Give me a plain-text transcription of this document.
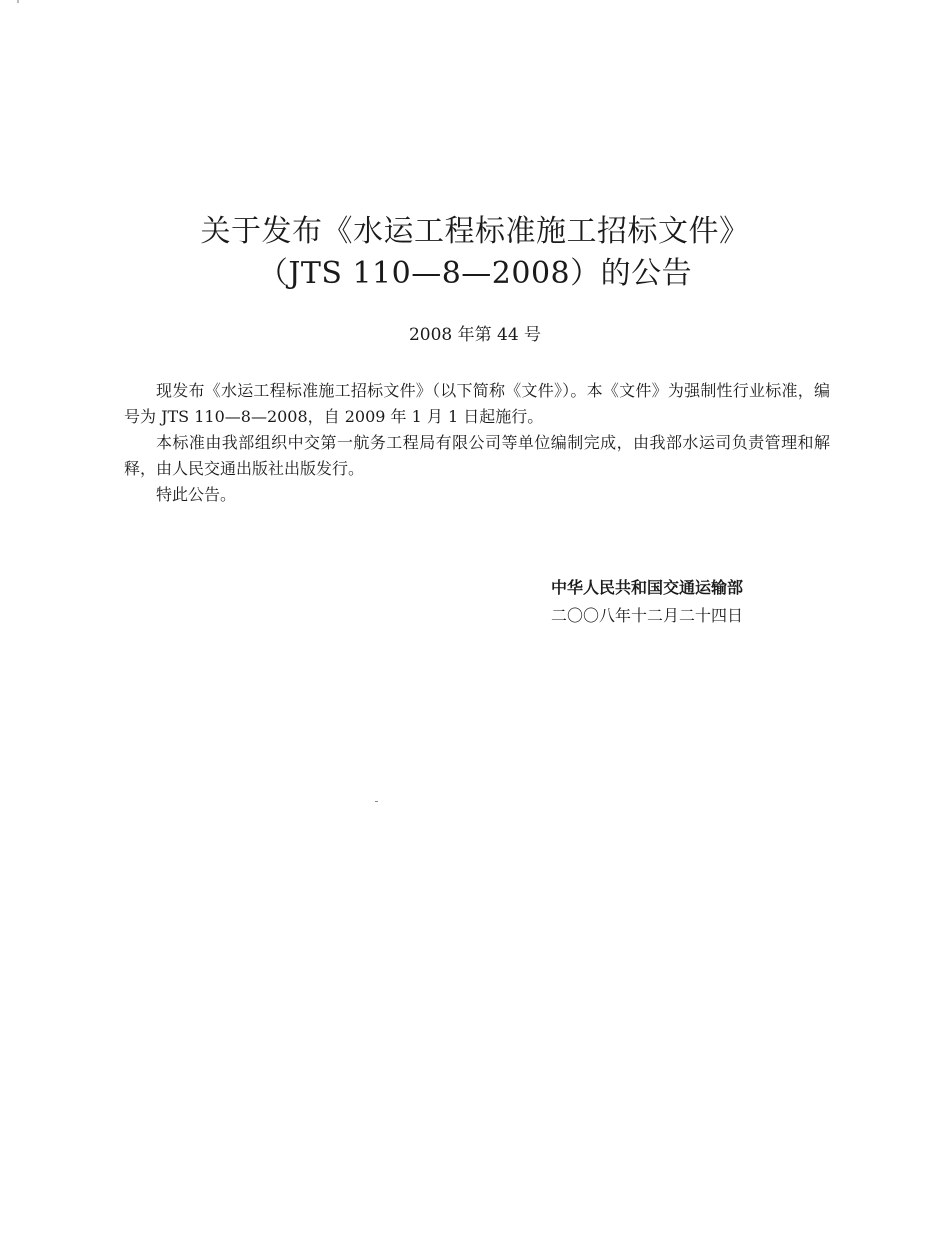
关于发布《水运工程标准施工招标文件》
（JTS 110—8—2008）的公告
2008 年第 44 号

现发布《水运工程标准施工招标文件》（以下简称《文件》）。本《文件》为强制性行业标准，编号为 JTS 110—8—2008，自 2009 年 1 月 1 日起施行。

本标准由我部组织中交第一航务工程局有限公司等单位编制完成，由我部水运司负责管理和解释，由人民交通出版社出版发行。

特此公告。

中华人民共和国交通运输部
二〇〇八年十二月二十四日
